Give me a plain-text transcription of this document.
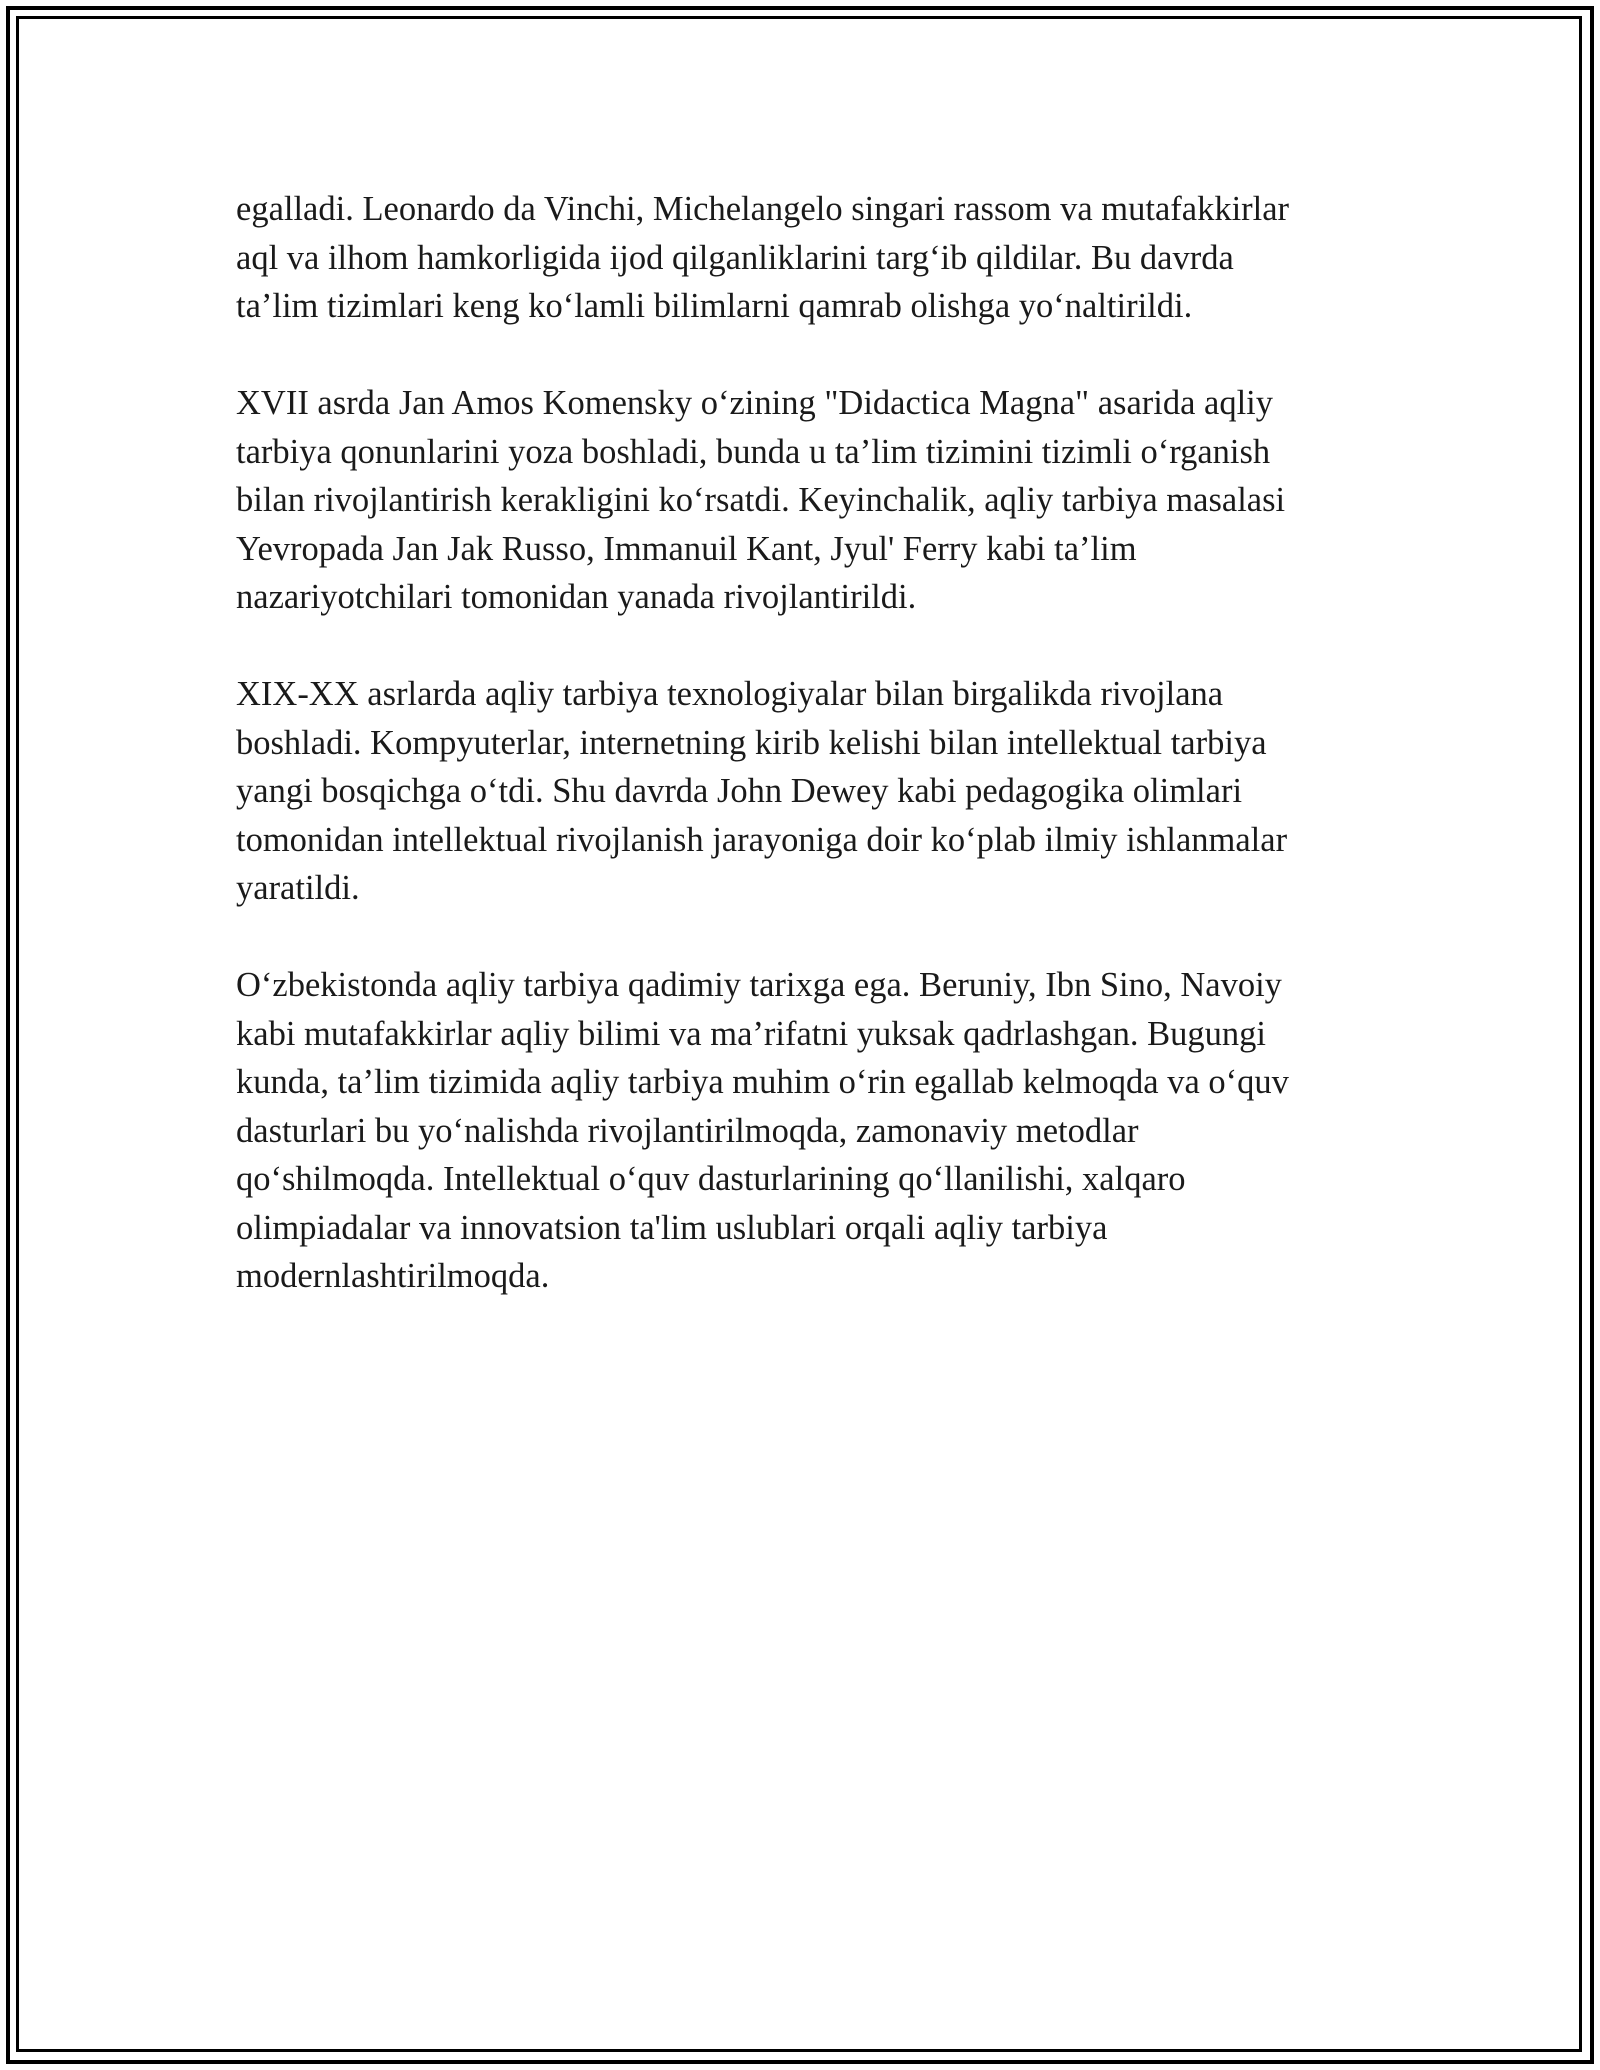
egalladi. Leonardo da Vinchi, Michelangelo singari rassom va mutafakkirlar
aql va ilhom hamkorligida ijod qilganliklarini targ‘ib qildilar. Bu davrda
ta’lim tizimlari keng ko‘lamli bilimlarni qamrab olishga yo‘naltirildi.

XVII asrda Jan Amos Komensky o‘zining "Didactica Magna" asarida aqliy
tarbiya qonunlarini yoza boshladi, bunda u ta’lim tizimini tizimli o‘rganish
bilan rivojlantirish kerakligini ko‘rsatdi. Keyinchalik, aqliy tarbiya masalasi
Yevropada Jan Jak Russo, Immanuil Kant, Jyul' Ferry kabi ta’lim
nazariyotchilari tomonidan yanada rivojlantirildi.

XIX-XX asrlarda aqliy tarbiya texnologiyalar bilan birgalikda rivojlana
boshladi. Kompyuterlar, internetning kirib kelishi bilan intellektual tarbiya
yangi bosqichga o‘tdi. Shu davrda John Dewey kabi pedagogika olimlari
tomonidan intellektual rivojlanish jarayoniga doir ko‘plab ilmiy ishlanmalar
yaratildi.

O‘zbekistonda aqliy tarbiya qadimiy tarixga ega. Beruniy, Ibn Sino, Navoiy
kabi mutafakkirlar aqliy bilimi va ma’rifatni yuksak qadrlashgan. Bugungi
kunda, ta’lim tizimida aqliy tarbiya muhim o‘rin egallab kelmoqda va o‘quv
dasturlari bu yo‘nalishda rivojlantirilmoqda, zamonaviy metodlar
qo‘shilmoqda. Intellektual o‘quv dasturlarining qo‘llanilishi, xalqaro
olimpiadalar va innovatsion ta'lim uslublari orqali aqliy tarbiya
modernlashtirilmoqda.
